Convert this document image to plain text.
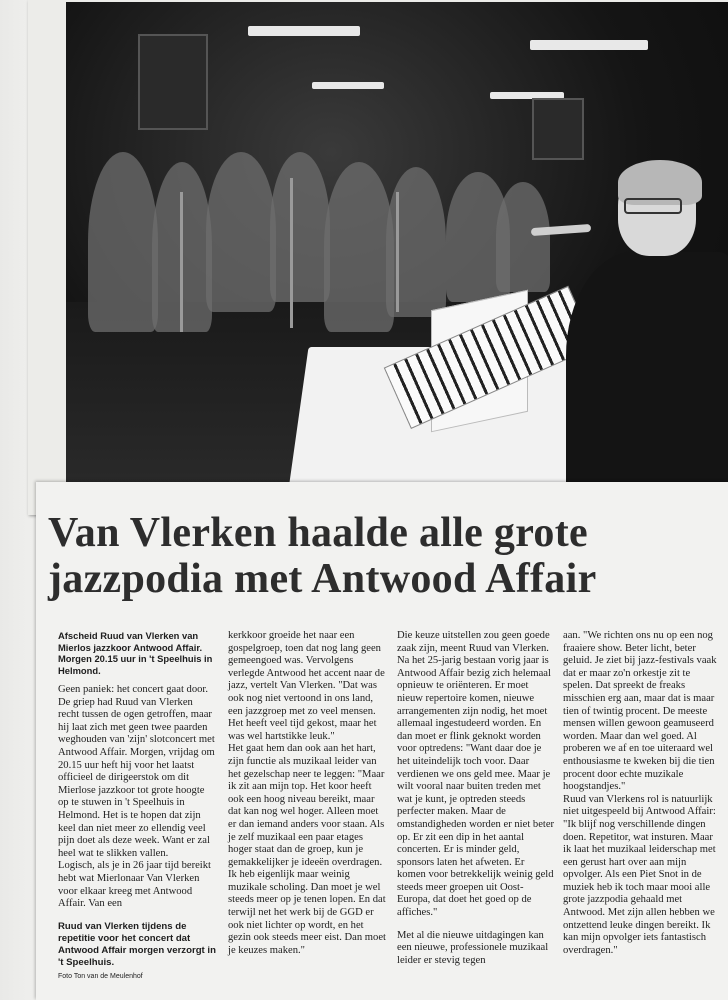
Van Vlerken haalde alle grote
jazzpodia met Antwood Affair

Afscheid Ruud van Vlerken van Mierlos jazzkoor Antwood Affair. Morgen 20.15 uur in 't Speelhuis in Helmond.

Geen paniek: het concert gaat door. De griep had Ruud van Vlerken recht tussen de ogen getroffen, maar hij laat zich met geen twee paarden weghouden van 'zijn' slotconcert met Antwood Affair. Morgen, vrijdag om 20.15 uur heft hij voor het laatst officieel de dirigeerstok om dit Mierlose jazzkoor tot grote hoogte op te stuwen in 't Speelhuis in Helmond. Het is te hopen dat zijn keel dan niet meer zo ellendig veel pijn doet als deze week. Want er zal heel wat te slikken vallen.

Logisch, als je in 26 jaar tijd bereikt hebt wat Mierlonaar Van Vlerken voor elkaar kreeg met Antwood Affair. Van een

Ruud van Vlerken tijdens de repetitie voor het concert dat Antwood Affair morgen verzorgt in 't Speelhuis.

Foto Ton van de Meulenhof

kerkkoor groeide het naar een gospelgroep, toen dat nog lang geen gemeengoed was. Vervolgens verlegde Antwood het accent naar de jazz, vertelt Van Vlerken. "Dat was ook nog niet vertoond in ons land, een jazzgroep met zo veel mensen. Het heeft veel tijd gekost, maar het was wel hartstikke leuk."

Het gaat hem dan ook aan het hart, zijn functie als muzikaal leider van het gezelschap neer te leggen: "Maar ik zit aan mijn top. Het koor heeft ook een hoog niveau bereikt, maar dat kan nog wel hoger. Alleen moet er dan iemand anders voor staan. Als je zelf muzikaal een paar etages hoger staat dan de groep, kun je gemakkelijker je ideeën overdragen. Ik heb eigenlijk maar weinig muzikale scholing. Dan moet je wel steeds meer op je tenen lopen. En dat terwijl net het werk bij de GGD er ook niet lichter op wordt, en het gezin ook steeds meer eist. Dan moet je keuzes maken."

Die keuze uitstellen zou geen goede zaak zijn, meent Ruud van Vlerken. Na het 25-jarig bestaan vorig jaar is Antwood Affair bezig zich helemaal opnieuw te oriënteren. Er moet nieuw repertoire komen, nieuwe arrangementen zijn nodig, het moet allemaal ingestudeerd worden. En dan moet er flink geknokt worden voor optredens: "Want daar doe je het uiteindelijk toch voor. Daar verdienen we ons geld mee. Maar je wilt vooral naar buiten treden met wat je kunt, je optreden steeds perfecter maken. Maar de omstandigheden worden er niet beter op. Er zit een dip in het aantal concerten. Er is minder geld, sponsors laten het afweten. Er komen voor betrekkelijk weinig geld steeds meer groepen uit Oost-Europa, dat doet het goed op de affiches."

Met al die nieuwe uitdagingen kan een nieuwe, professionele muzikaal leider er stevig tegen

aan. "We richten ons nu op een nog fraaiere show. Beter licht, beter geluid. Je ziet bij jazz-festivals vaak dat er maar zo'n orkestje zit te spelen. Dat spreekt de freaks misschien erg aan, maar dat is maar tien of twintig procent. De meeste mensen willen gewoon geamuseerd worden. Maar dan wel goed. Al proberen we af en toe uiteraard wel enthousiasme te kweken bij die tien procent door echte muzikale hoogstandjes."

Ruud van Vlerkens rol is natuurlijk niet uitgespeeld bij Antwood Affair: "Ik blijf nog verschillende dingen doen. Repetitor, wat insturen. Maar ik laat het muzikaal leiderschap met een gerust hart over aan mijn opvolger. Als een Piet Snot in de muziek heb ik toch maar mooi alle grote jazzpodia gehaald met Antwood. Met zijn allen hebben we ontzettend leuke dingen bereikt. Ik kan mijn opvolger iets fantastisch overdragen."
